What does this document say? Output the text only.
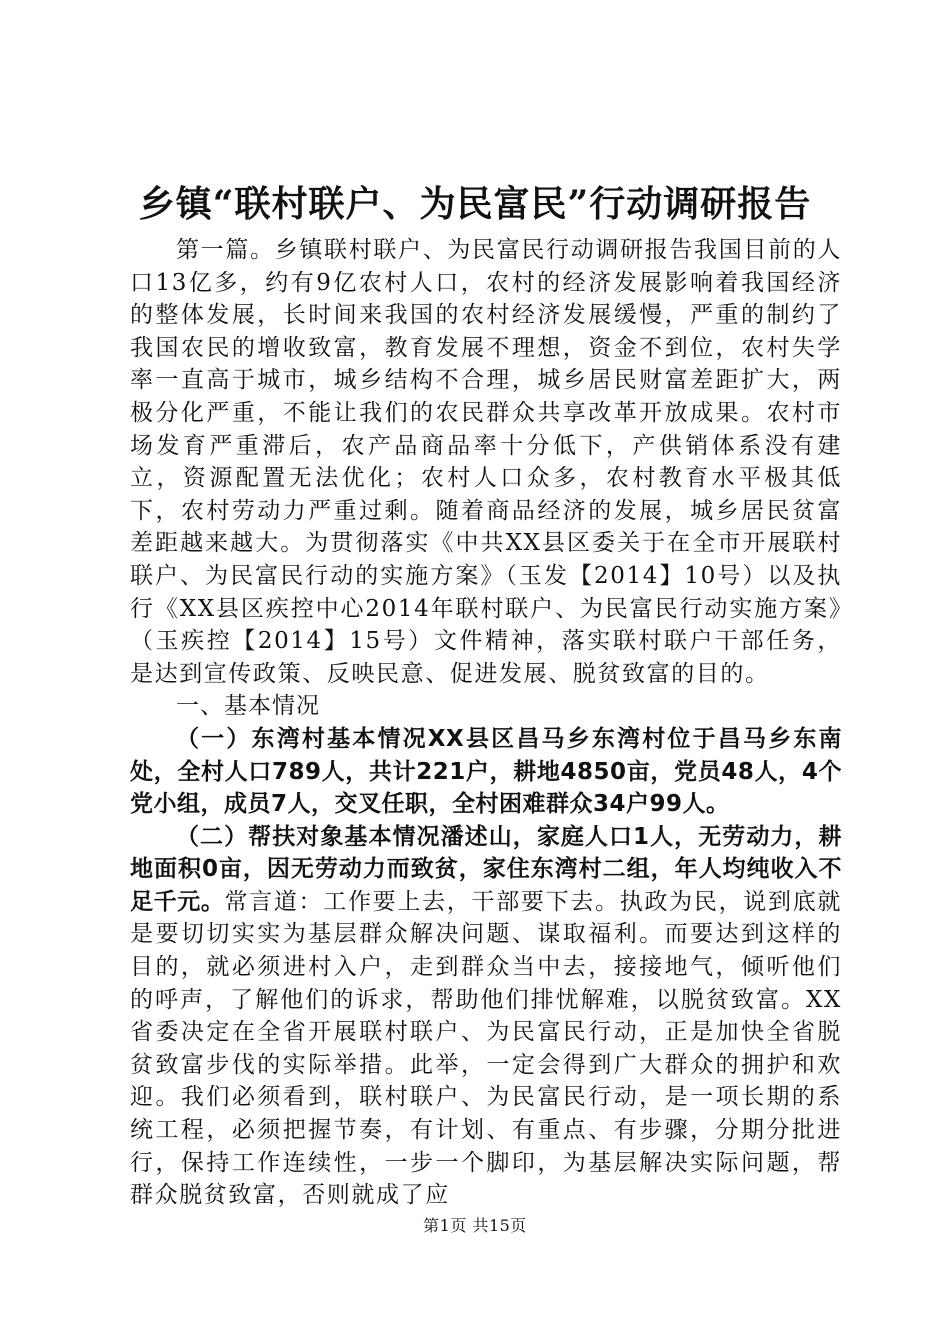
乡镇“联村联户、为民富民”行动调研报告

第一篇。乡镇联村联户、为民富民行动调研报告我国目前的人口13亿多，约有9亿农村人口，农村的经济发展影响着我国经济的整体发展，长时间来我国的农村经济发展缓慢，严重的制约了我国农民的增收致富，教育发展不理想，资金不到位，农村失学率一直高于城市，城乡结构不合理，城乡居民财富差距扩大，两极分化严重，不能让我们的农民群众共享改革开放成果。农村市场发育严重滞后，农产品商品率十分低下，产供销体系没有建立，资源配置无法优化；农村人口众多，农村教育水平极其低下，农村劳动力严重过剩。随着商品经济的发展，城乡居民贫富差距越来越大。为贯彻落实《中共XX县区委关于在全市开展联村联户、为民富民行动的实施方案》（玉发【2014】10号）以及执行《XX县区疾控中心2014年联村联户、为民富民行动实施方案》（玉疾控【2014】15号）文件精神，落实联村联户干部任务，是达到宣传政策、反映民意、促进发展、脱贫致富的目的。

一、基本情况

（一）东湾村基本情况XX县区昌马乡东湾村位于昌马乡东南处，全村人口789人，共计221户，耕地4850亩，党员48人，4个党小组，成员7人，交叉任职，全村困难群众34户99人。

（二）帮扶对象基本情况潘述山，家庭人口1人，无劳动力，耕地面积0亩，因无劳动力而致贫，家住东湾村二组，年人均纯收入不足千元。常言道：工作要上去，干部要下去。执政为民，说到底就是要切切实实为基层群众解决问题、谋取福利。而要达到这样的目的，就必须进村入户，走到群众当中去，接接地气，倾听他们的呼声，了解他们的诉求，帮助他们排忧解难，以脱贫致富。XX省委决定在全省开展联村联户、为民富民行动，正是加快全省脱贫致富步伐的实际举措。此举，一定会得到广大群众的拥护和欢迎。我们必须看到，联村联户、为民富民行动，是一项长期的系统工程，必须把握节奏，有计划、有重点、有步骤，分期分批进行，保持工作连续性，一步一个脚印，为基层解决实际问题，帮群众脱贫致富，否则就成了应

第1页 共15页
